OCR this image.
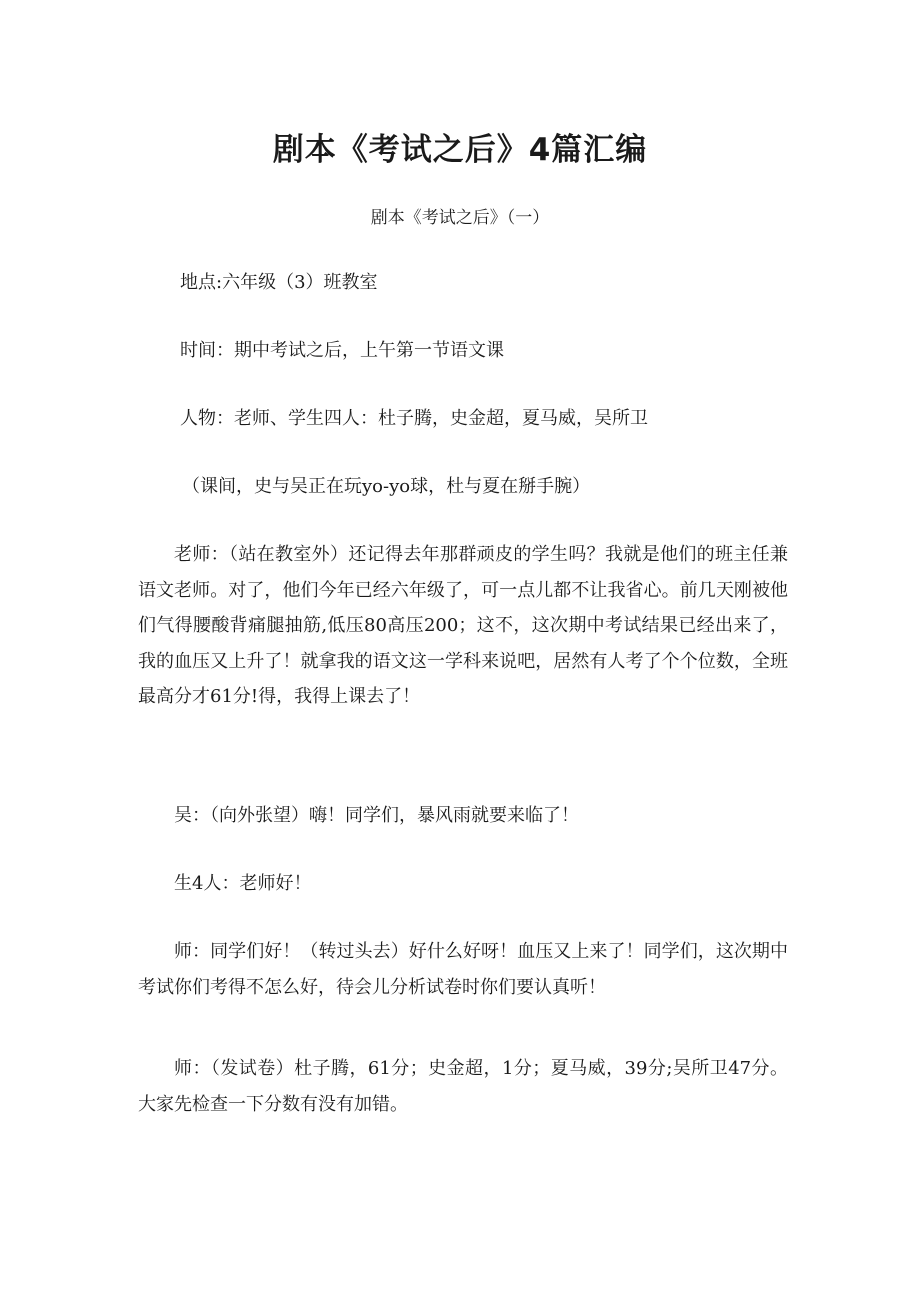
剧本《考试之后》4篇汇编

剧本《考试之后》（一）

地点:六年级（3）班教室

时间：期中考试之后，上午第一节语文课

人物：老师、学生四人：杜子腾，史金超，夏马威，吴所卫

（课间，史与吴正在玩yo-yo球，杜与夏在掰手腕）

老师：（站在教室外）还记得去年那群顽皮的学生吗？我就是他们的班主任兼语文老师。对了，他们今年已经六年级了，可一点儿都不让我省心。前几天刚被他们气得腰酸背痛腿抽筋,低压80高压200；这不，这次期中考试结果已经出来了，我的血压又上升了！就拿我的语文这一学科来说吧，居然有人考了个个位数，全班最高分才61分!得，我得上课去了！

吴：（向外张望）嗨！同学们，暴风雨就要来临了！

生4人：老师好！

师：同学们好！（转过头去）好什么好呀！血压又上来了！同学们，这次期中考试你们考得不怎么好，待会儿分析试卷时你们要认真听！

师：（发试卷）杜子腾，61分；史金超，1分；夏马威，39分;吴所卫47分。大家先检查一下分数有没有加错。
